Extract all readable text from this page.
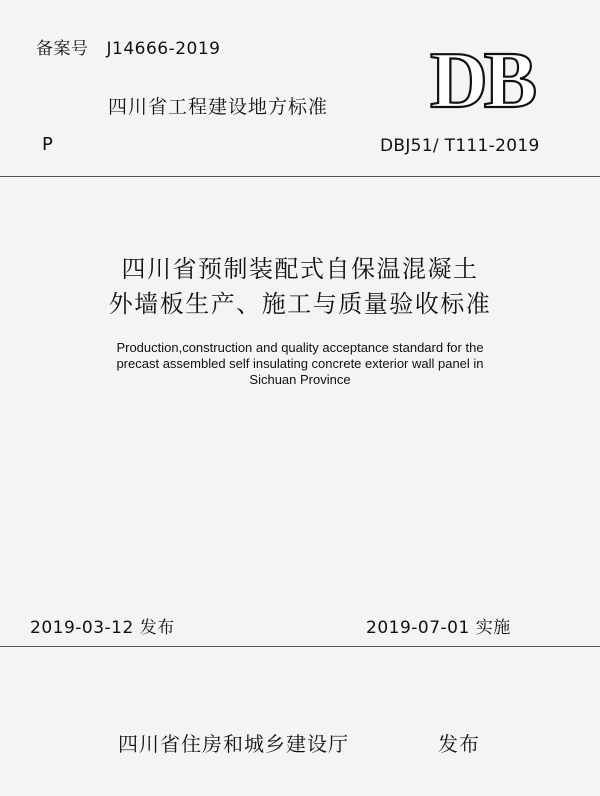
备案号 J14666-2019	DB
四川省工程建设地方标准
P	DBJ51/ T111-2019
四川省预制装配式自保温混凝土
外墙板生产、施工与质量验收标准
Production,construction and quality acceptance standard for the
precast assembled self insulating concrete exterior wall panel in
Sichuan Province
2019-03-12 发布	2019-07-01 实施
四川省住房和城乡建设厅	发布
